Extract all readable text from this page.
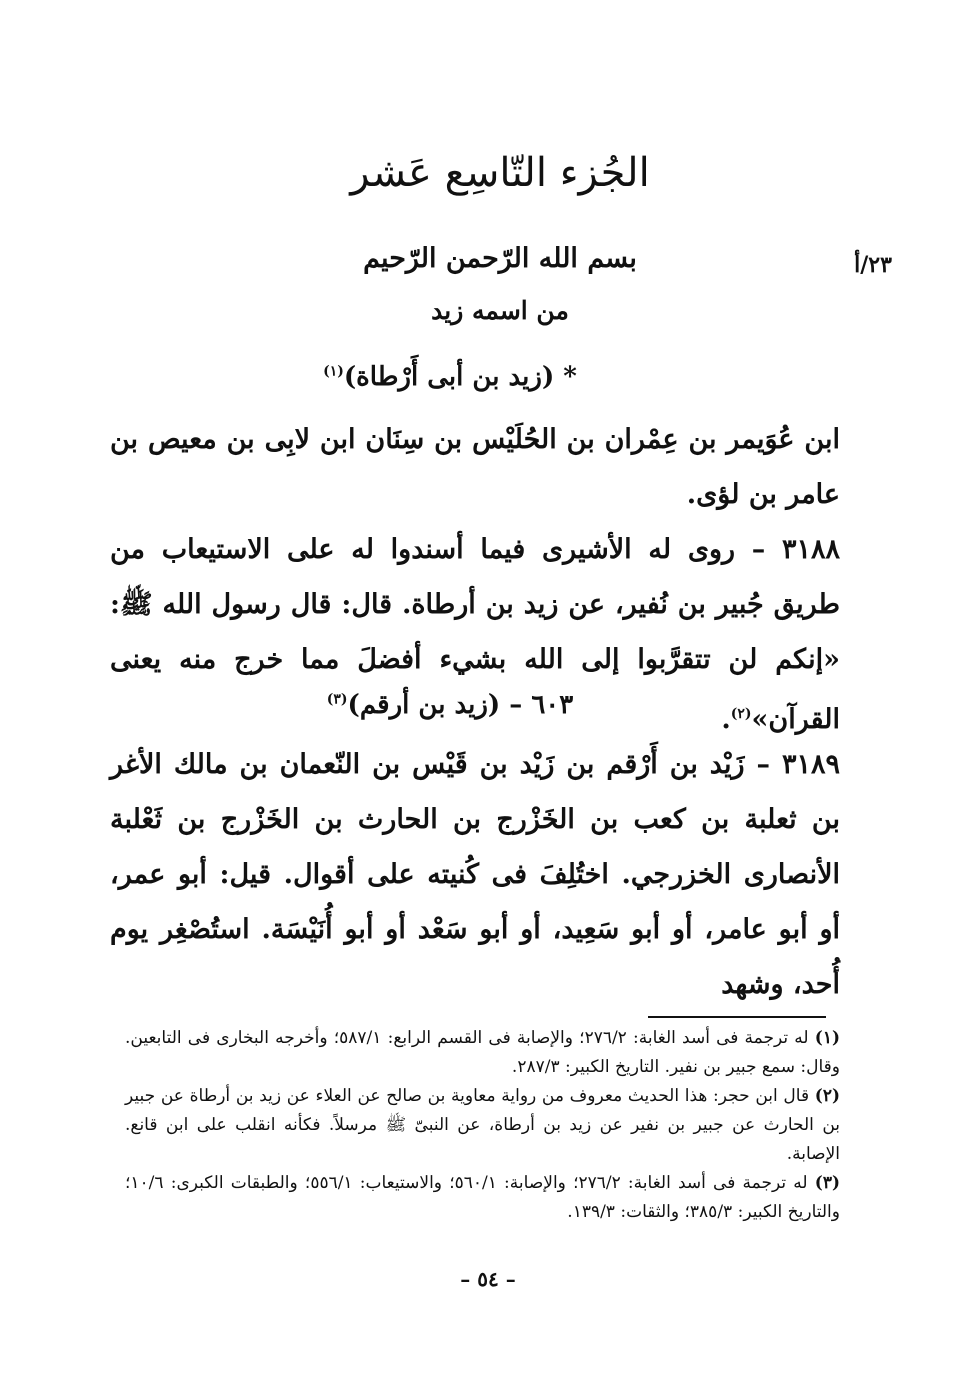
الجُزء التّاسِع عَشر
٢٣/أ
بسم الله الرّحمن الرّحيم
من اسمه زيد
* (زيد بن أبى أَرْطاة)$^{(١)}$
ابن عُوَيمر بن عِمْران بن الحُلَيْس بن سِنَان ابن لابِى بن معيص بن عامر بن لؤى.
٣١٨٨ – روى له الأشيرى فيما أسندوا له على الاستيعاب من طريق جُبير بن نُفير، عن زيد بن أرطاة. قال: قال رسول الله ﷺ: «إنكم لن تتقرَّبوا إلى الله بشيء أفضلَ مما خرج منه يعنى القرآن»$^{(٢)}$.
٦٠٣ – (زيد بن أرقم)$^{(٣)}$
٣١٨٩ – زَيْد بن أَرْقم بن زَيْد بن قَيْس بن النّعمان بن مالك الأغر بن ثعلبة بن كعب بن الخَزْرج بن الحارث بن الخَزْرج بن ثَعْلبة الأنصارى الخزرجي. اختُلِفَ فى كُنيته على أقوال. قيل: أبو عمر، أو أبو عامر، أو أبو سَعِيد، أو أبو سَعْد أو أبو أُنَيْسَة. استُصْغِر يوم أُحد، وشهد

(١) له ترجمة فى أسد الغابة: ٢٧٦/٢؛ والإصابة فى القسم الرابع: ٥٨٧/١؛ وأخرجه البخارى فى التابعين. وقال: سمع جبير بن نفير. التاريخ الكبير: ٢٨٧/٣.

(٢) قال ابن حجر: هذا الحديث معروف من رواية معاوية بن صالح عن العلاء عن زيد بن أرطاة عن جبير بن الحارث عن جبير بن نفير عن زيد بن أرطاة، عن النبىّ ﷺ مرسلاً. فكأنه انقلب على ابن قانع. الإصابة.

(٣) له ترجمة فى أسد الغابة: ٢٧٦/٢؛ والإصابة: ٥٦٠/١؛ والاستيعاب: ٥٥٦/١؛ والطبقات الكبرى: ١٠/٦؛ والتاريخ الكبير: ٣٨٥/٣؛ والثقات: ١٣٩/٣.

– ٥٤ –
